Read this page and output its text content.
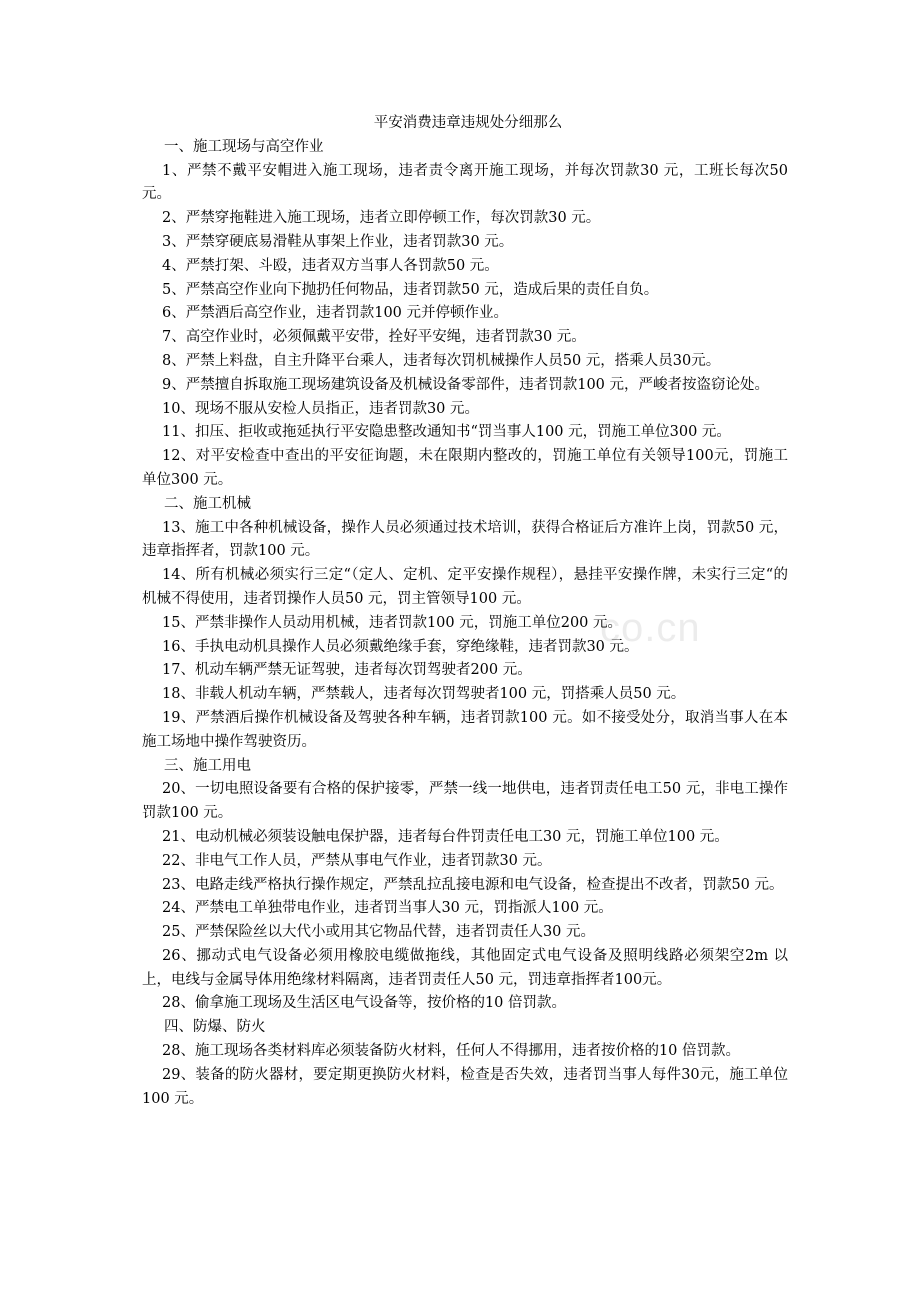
平安消费违章违规处分细那么

一、施工现场与高空作业

1、严禁不戴平安帽进入施工现场，违者责令离开施工现场，并每次罚款30 元，工班长每次50 元。

2、严禁穿拖鞋进入施工现场，违者立即停顿工作，每次罚款30 元。

3、严禁穿硬底易滑鞋从事架上作业，违者罚款30 元。

4、严禁打架、斗殴，违者双方当事人各罚款50 元。

5、严禁高空作业向下抛扔任何物品，违者罚款50 元，造成后果的责任自负。

6、严禁酒后高空作业，违者罚款100 元并停顿作业。

7、高空作业时，必须佩戴平安带，拴好平安绳，违者罚款30 元。

8、严禁上料盘，自主升降平台乘人，违者每次罚机械操作人员50 元，搭乘人员30元。

9、严禁擅自拆取施工现场建筑设备及机械设备零部件，违者罚款100 元，严峻者按盗窃论处。

10、现场不服从安检人员指正，违者罚款30 元。

11、扣压、拒收或拖延执行平安隐患整改通知书“罚当事人100 元，罚施工单位300 元。

12、对平安检查中查出的平安征询题，未在限期内整改的，罚施工单位有关领导100元，罚施工单位300 元。

二、施工机械

13、施工中各种机械设备，操作人员必须通过技术培训，获得合格证后方准许上岗，罚款50 元，违章指挥者，罚款100 元。

14、所有机械必须实行三定“（定人、定机、定平安操作规程），悬挂平安操作牌，未实行三定“的机械不得使用，违者罚操作人员50 元，罚主管领导100 元。

15、严禁非操作人员动用机械，违者罚款100 元，罚施工单位200 元。

16、手执电动机具操作人员必须戴绝缘手套，穿绝缘鞋，违者罚款30 元。

17、机动车辆严禁无证驾驶，违者每次罚驾驶者200 元。

18、非载人机动车辆，严禁载人，违者每次罚驾驶者100 元，罚搭乘人员50 元。

19、严禁酒后操作机械设备及驾驶各种车辆，违者罚款100 元。如不接受处分，取消当事人在本施工场地中操作驾驶资历。

三、施工用电

20、一切电照设备要有合格的保护接零，严禁一线一地供电，违者罚责任电工50 元，非电工操作罚款100 元。

21、电动机械必须装设触电保护器，违者每台件罚责任电工30 元，罚施工单位100 元。

22、非电气工作人员，严禁从事电气作业，违者罚款30 元。

23、电路走线严格执行操作规定，严禁乱拉乱接电源和电气设备，检查提出不改者，罚款50 元。

24、严禁电工单独带电作业，违者罚当事人30 元，罚指派人100 元。

25、严禁保险丝以大代小或用其它物品代替，违者罚责任人30 元。

26、挪动式电气设备必须用橡胶电缆做拖线，其他固定式电气设备及照明线路必须架空2m 以上，电线与金属导体用绝缘材料隔离，违者罚责任人50 元，罚违章指挥者100元。

28、偷拿施工现场及生活区电气设备等，按价格的10 倍罚款。

四、防爆、防火

28、施工现场各类材料库必须装备防火材料，任何人不得挪用，违者按价格的10 倍罚款。

29、装备的防火器材，要定期更换防火材料，检查是否失效，违者罚当事人每件30元，施工单位100 元。

co.cn
